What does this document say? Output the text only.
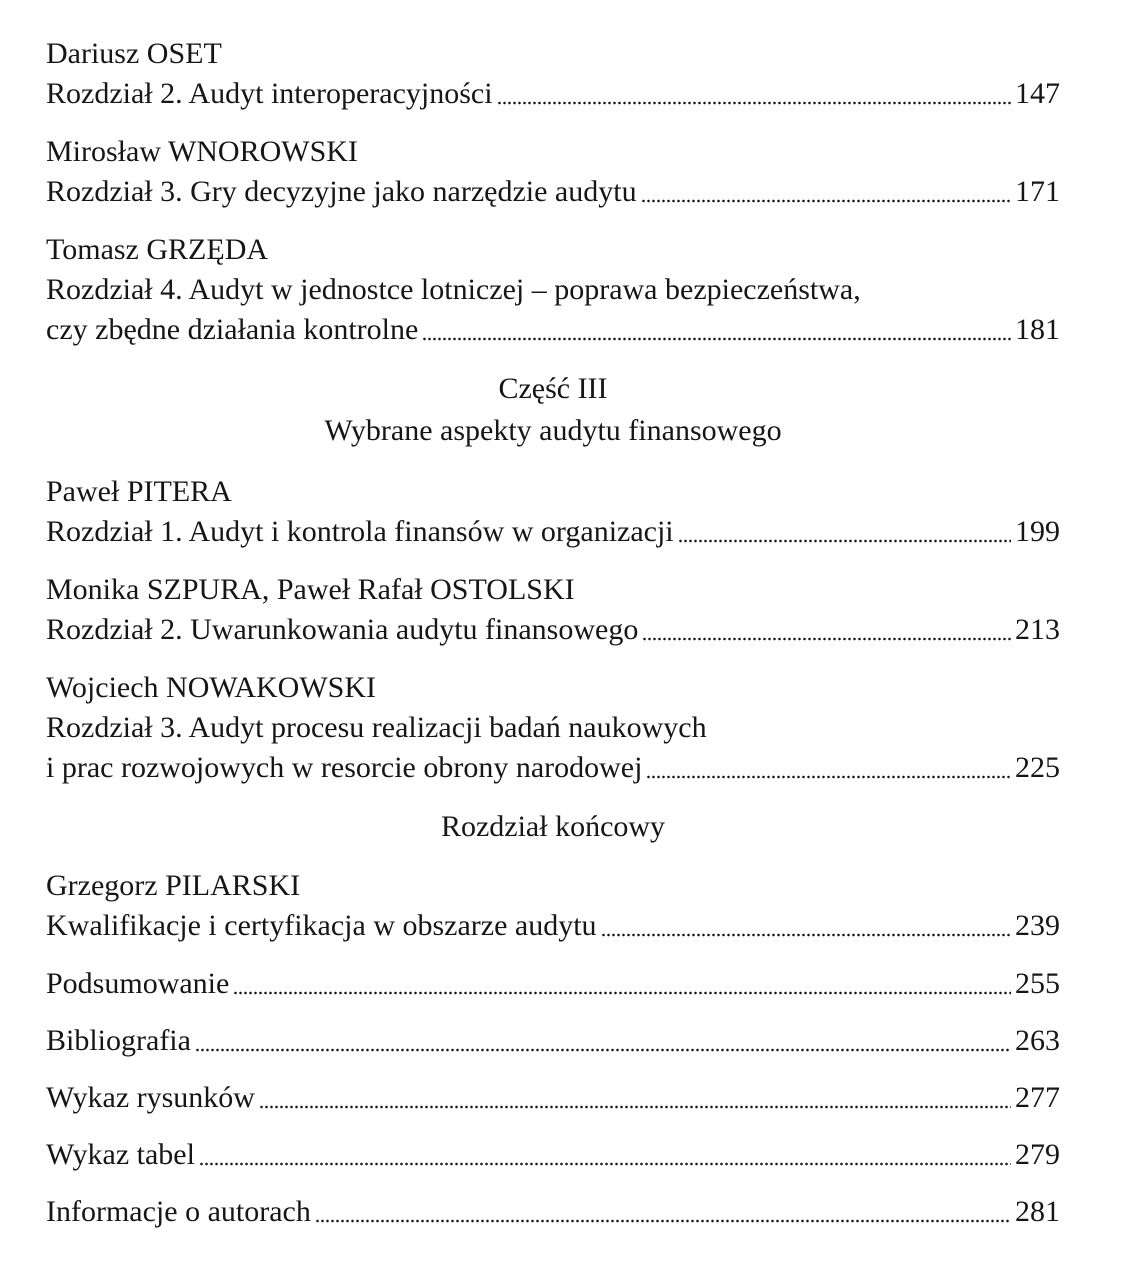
Dariusz OSET
Rozdział 2. Audyt interoperacyjności	147
Mirosław WNOROWSKI
Rozdział 3. Gry decyzyjne jako narzędzie audytu	171
Tomasz GRZĘDA
Rozdział 4. Audyt w jednostce lotniczej – poprawa bezpieczeństwa,
czy zbędne działania kontrolne	181
Część III
Wybrane aspekty audytu finansowego
Paweł PITERA
Rozdział 1. Audyt i kontrola finansów w organizacji	199
Monika SZPURA, Paweł Rafał OSTOLSKI
Rozdział 2. Uwarunkowania audytu finansowego	213
Wojciech NOWAKOWSKI
Rozdział 3. Audyt procesu realizacji badań naukowych
i prac rozwojowych w resorcie obrony narodowej	225
Rozdział końcowy
Grzegorz PILARSKI
Kwalifikacje i certyfikacja w obszarze audytu	239
Podsumowanie	255
Bibliografia	263
Wykaz rysunków	277
Wykaz tabel	279
Informacje o autorach	281
